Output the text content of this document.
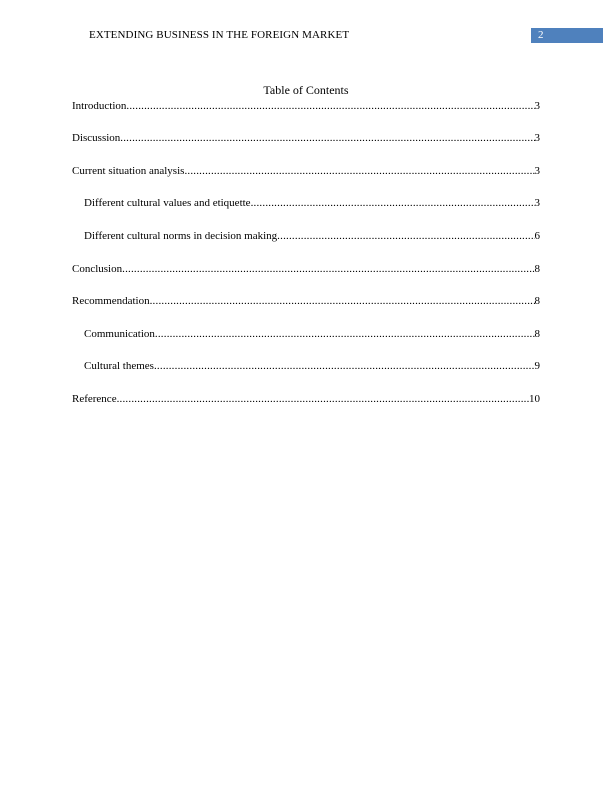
EXTENDING BUSINESS IN THE FOREIGN MARKET	2
Table of Contents
Introduction .....	3
Discussion .....	3
Current situation analysis .....	3
Different cultural values and etiquette .....	3
Different cultural norms in decision making .....	6
Conclusion .....	8
Recommendation .....	8
Communication .....	8
Cultural themes .....	9
Reference .....	10
